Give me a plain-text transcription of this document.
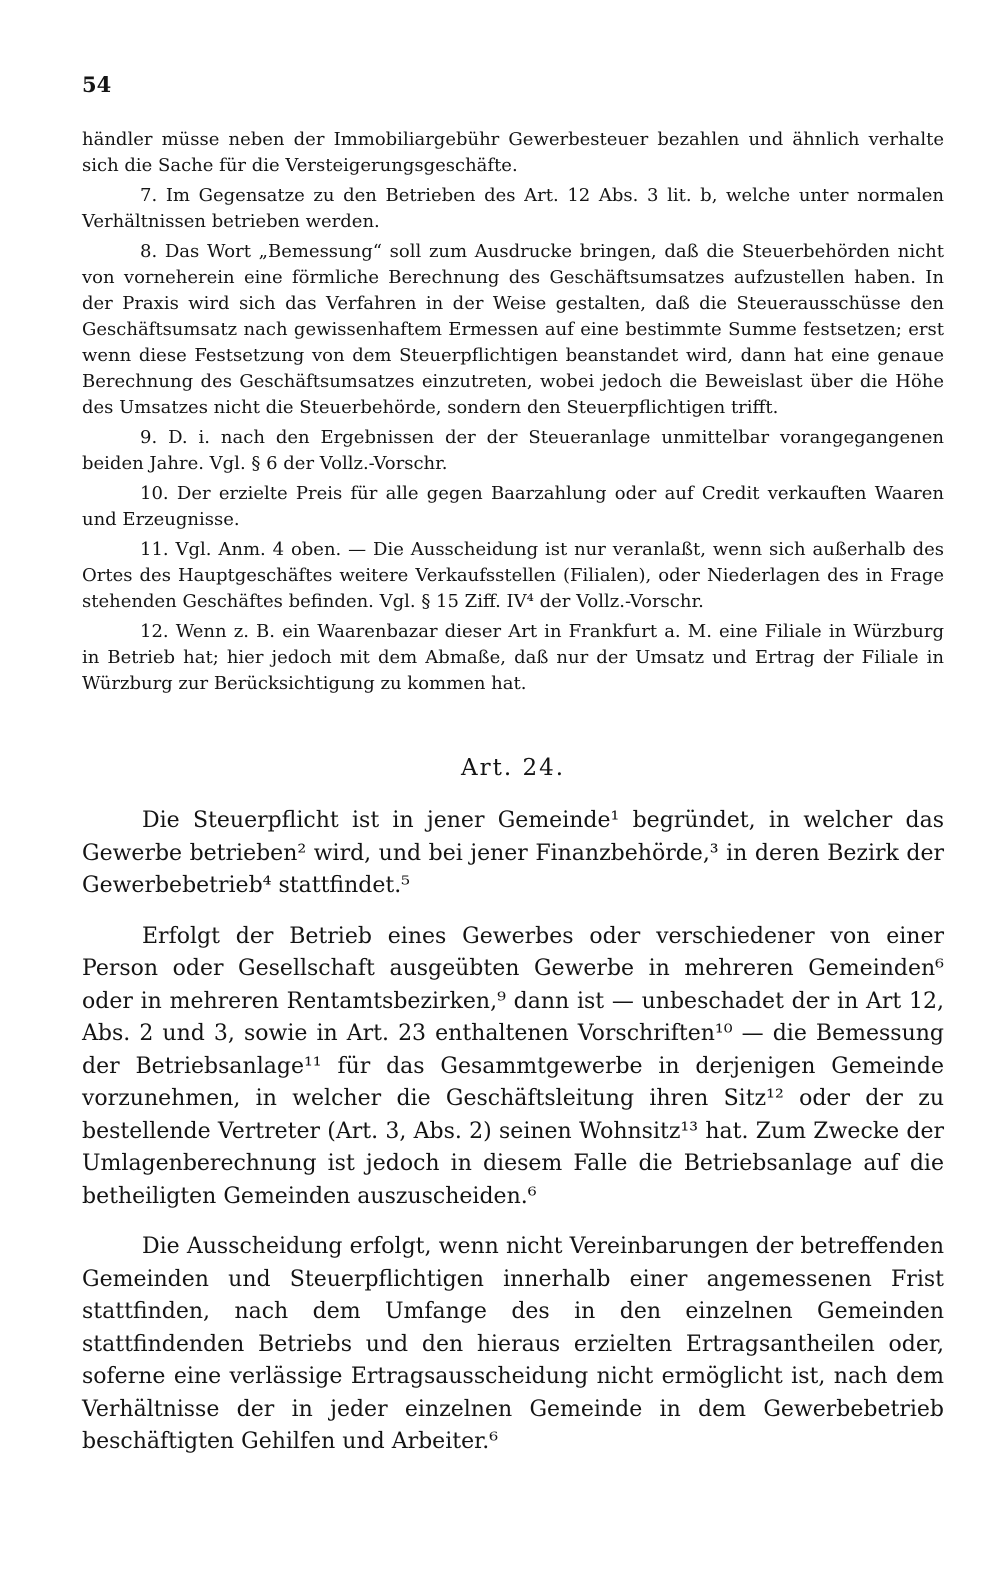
54

händler müsse neben der Immobiliargebühr Gewerbesteuer bezahlen und ähnlich verhalte sich die Sache für die Versteigerungsgeschäfte.

7. Im Gegensatze zu den Betrieben des Art. 12 Abs. 3 lit. b, welche unter normalen Verhältnissen betrieben werden.

8. Das Wort „Bemessung“ soll zum Ausdrucke bringen, daß die Steuerbehörden nicht von vorneherein eine förmliche Berechnung des Geschäftsumsatzes aufzustellen haben. In der Praxis wird sich das Verfahren in der Weise gestalten, daß die Steuerausschüsse den Geschäftsumsatz nach gewissenhaftem Ermessen auf eine bestimmte Summe festsetzen; erst wenn diese Festsetzung von dem Steuerpflichtigen beanstandet wird, dann hat eine genaue Berechnung des Geschäftsumsatzes einzutreten, wobei jedoch die Beweislast über die Höhe des Umsatzes nicht die Steuerbehörde, sondern den Steuerpflichtigen trifft.

9. D. i. nach den Ergebnissen der der Steueranlage unmittelbar vorangegangenen beiden Jahre. Vgl. § 6 der Vollz.-Vorschr.

10. Der erzielte Preis für alle gegen Baarzahlung oder auf Credit verkauften Waaren und Erzeugnisse.

11. Vgl. Anm. 4 oben. — Die Ausscheidung ist nur veranlaßt, wenn sich außerhalb des Ortes des Hauptgeschäftes weitere Verkaufsstellen (Filialen), oder Niederlagen des in Frage stehenden Geschäftes befinden. Vgl. § 15 Ziff. IV⁴ der Vollz.-Vorschr.

12. Wenn z. B. ein Waarenbazar dieser Art in Frankfurt a. M. eine Filiale in Würzburg in Betrieb hat; hier jedoch mit dem Abmaße, daß nur der Umsatz und Ertrag der Filiale in Würzburg zur Berücksichtigung zu kommen hat.

Art. 24.

Die Steuerpflicht ist in jener Gemeinde¹ begründet, in welcher das Gewerbe betrieben² wird, und bei jener Finanzbehörde,³ in deren Bezirk der Gewerbebetrieb⁴ stattfindet.⁵

Erfolgt der Betrieb eines Gewerbes oder verschiedener von einer Person oder Gesellschaft ausgeübten Gewerbe in mehreren Gemeinden⁶ oder in mehreren Rentamtsbezirken,⁹ dann ist — unbeschadet der in Art 12, Abs. 2 und 3, sowie in Art. 23 enthaltenen Vorschriften¹⁰ — die Bemessung der Betriebsanlage¹¹ für das Gesammtgewerbe in derjenigen Gemeinde vorzunehmen, in welcher die Geschäftsleitung ihren Sitz¹² oder der zu bestellende Vertreter (Art. 3, Abs. 2) seinen Wohnsitz¹³ hat. Zum Zwecke der Umlagenberechnung ist jedoch in diesem Falle die Betriebsanlage auf die betheiligten Gemeinden auszuscheiden.⁶

Die Ausscheidung erfolgt, wenn nicht Vereinbarungen der betreffenden Gemeinden und Steuerpflichtigen innerhalb einer angemessenen Frist stattfinden, nach dem Umfange des in den einzelnen Gemeinden stattfindenden Betriebs und den hieraus erzielten Ertragsantheilen oder, soferne eine verlässige Ertragsausscheidung nicht ermöglicht ist, nach dem Verhältnisse der in jeder einzelnen Gemeinde in dem Gewerbebetrieb beschäftigten Gehilfen und Arbeiter.⁶
